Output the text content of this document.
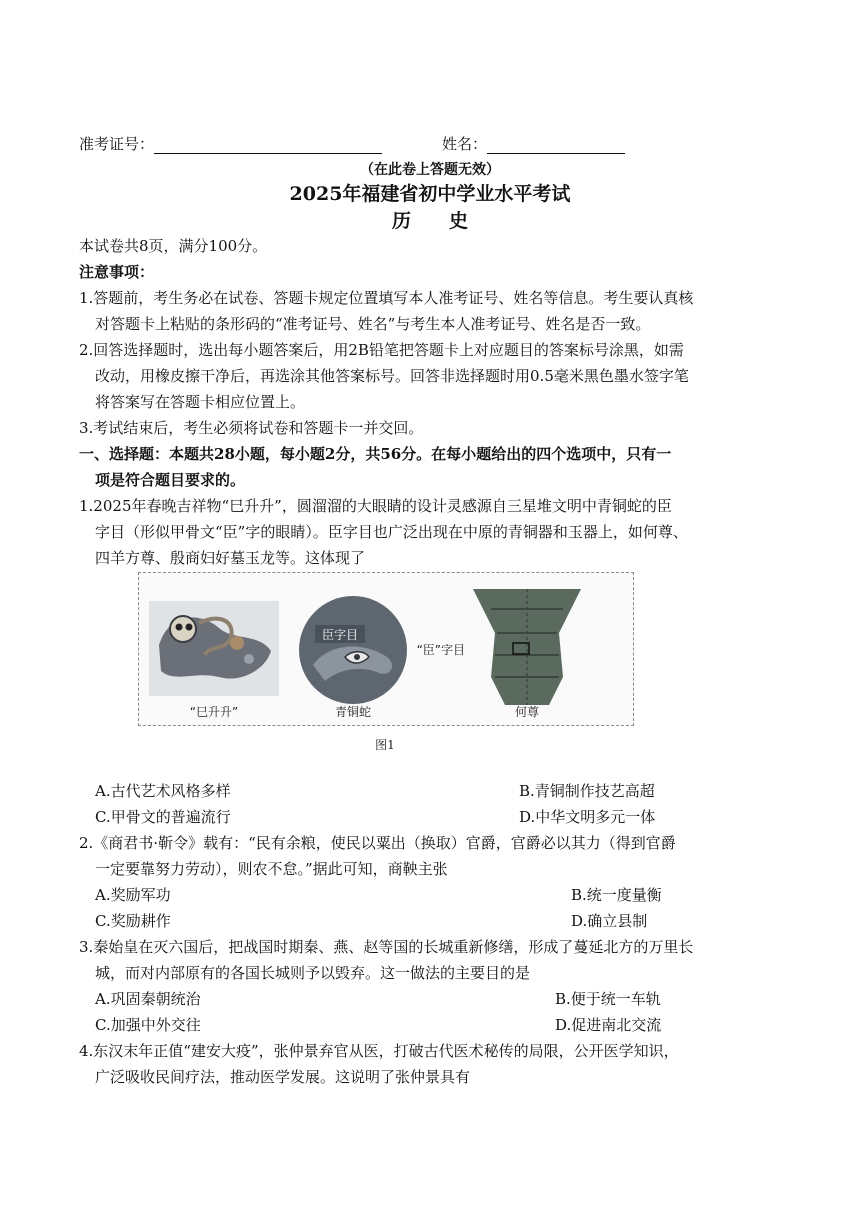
准考证号：	姓名：
（在此卷上答题无效）
2025年福建省初中学业水平考试
历　　史
本试卷共8页，满分100分。
注意事项：
1.答题前，考生务必在试卷、答题卡规定位置填写本人准考证号、姓名等信息。考生要认真核
对答题卡上粘贴的条形码的“准考证号、姓名”与考生本人准考证号、姓名是否一致。
2.回答选择题时，选出每小题答案后，用2B铅笔把答题卡上对应题目的答案标号涂黑，如需
改动，用橡皮擦干净后，再选涂其他答案标号。回答非选择题时用0.5毫米黑色墨水签字笔
将答案写在答题卡相应位置上。
3.考试结束后，考生必须将试卷和答题卡一并交回。
一、选择题：本题共28小题，每小题2分，共56分。在每小题给出的四个选项中，只有一
项是符合题目要求的。
1.2025年春晚吉祥物“巳升升”，圆溜溜的大眼睛的设计灵感源自三星堆文明中青铜蛇的臣
字目（形似甲骨文“臣”字的眼睛）。臣字目也广泛出现在中原的青铜器和玉器上，如何尊、
四羊方尊、殷商妇好墓玉龙等。这体现了
臣字目
“臣”字目
“巳升升”	青铜蛇	何尊
图1
A.古代艺术风格多样	B.青铜制作技艺高超
C.甲骨文的普遍流行	D.中华文明多元一体
2.《商君书·靳令》载有：“民有余粮，使民以粟出（换取）官爵，官爵必以其力（得到官爵
一定要靠努力劳动），则农不怠。”据此可知，商鞅主张
A.奖励军功	B.统一度量衡
C.奖励耕作	D.确立县制
3.秦始皇在灭六国后，把战国时期秦、燕、赵等国的长城重新修缮，形成了蔓延北方的万里长
城，而对内部原有的各国长城则予以毁弃。这一做法的主要目的是
A.巩固秦朝统治	B.便于统一车轨
C.加强中外交往	D.促进南北交流
4.东汉末年正值“建安大疫”，张仲景弃官从医，打破古代医术秘传的局限，公开医学知识，
广泛吸收民间疗法，推动医学发展。这说明了张仲景具有
